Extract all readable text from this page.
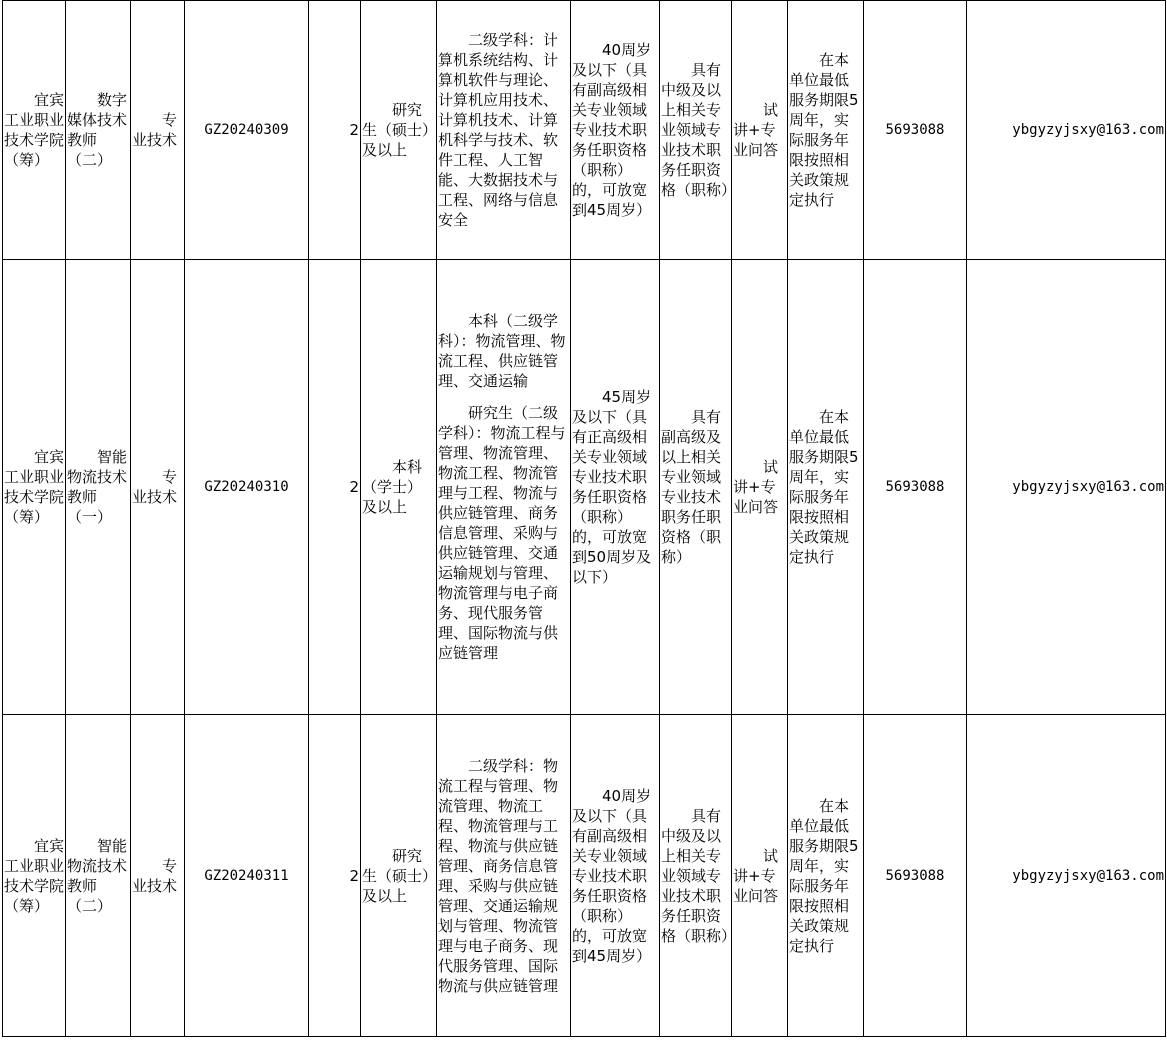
宜宾工业职业技术学院（筹）	数字媒体技术教师（二）	专业技术	GZ20240309	2	研究生（硕士）及以上	二级学科：计算机系统结构、计算机软件与理论、计算机应用技术、计算机技术、计算机科学与技术、软件工程、人工智能、大数据技术与工程、网络与信息安全	40周岁及以下（具有副高级相关专业领域专业技术职务任职资格（职称）的，可放宽到45周岁）	具有中级及以上相关专业领域专业技术职务任职资格（职称）	试讲+专业问答	在本单位最低服务期限5周年，实际服务年限按照相关政策规定执行	5693088	ybgyzyjsxy@163.com
宜宾工业职业技术学院（筹）	智能物流技术教师（一）	专业技术	GZ20240310	2	本科（学士）及以上	本科（二级学科）：物流管理、物流工程、供应链管理、交通运输
研究生（二级学科）：物流工程与管理、物流管理、物流工程、物流管理与工程、物流与供应链管理、商务信息管理、采购与供应链管理、交通运输规划与管理、物流管理与电子商务、现代服务管理、国际物流与供应链管理	45周岁及以下（具有正高级相关专业领域专业技术职务任职资格（职称）的，可放宽到50周岁及以下）	具有副高级及以上相关专业领域专业技术职务任职资格（职称）	试讲+专业问答	在本单位最低服务期限5周年，实际服务年限按照相关政策规定执行	5693088	ybgyzyjsxy@163.com
宜宾工业职业技术学院（筹）	智能物流技术教师（二）	专业技术	GZ20240311	2	研究生（硕士）及以上	二级学科：物流工程与管理、物流管理、物流工程、物流管理与工程、物流与供应链管理、商务信息管理、采购与供应链管理、交通运输规划与管理、物流管理与电子商务、现代服务管理、国际物流与供应链管理	40周岁及以下（具有副高级相关专业领域专业技术职务任职资格（职称）的，可放宽到45周岁）	具有中级及以上相关专业领域专业技术职务任职资格（职称）	试讲+专业问答	在本单位最低服务期限5周年，实际服务年限按照相关政策规定执行	5693088	ybgyzyjsxy@163.com
